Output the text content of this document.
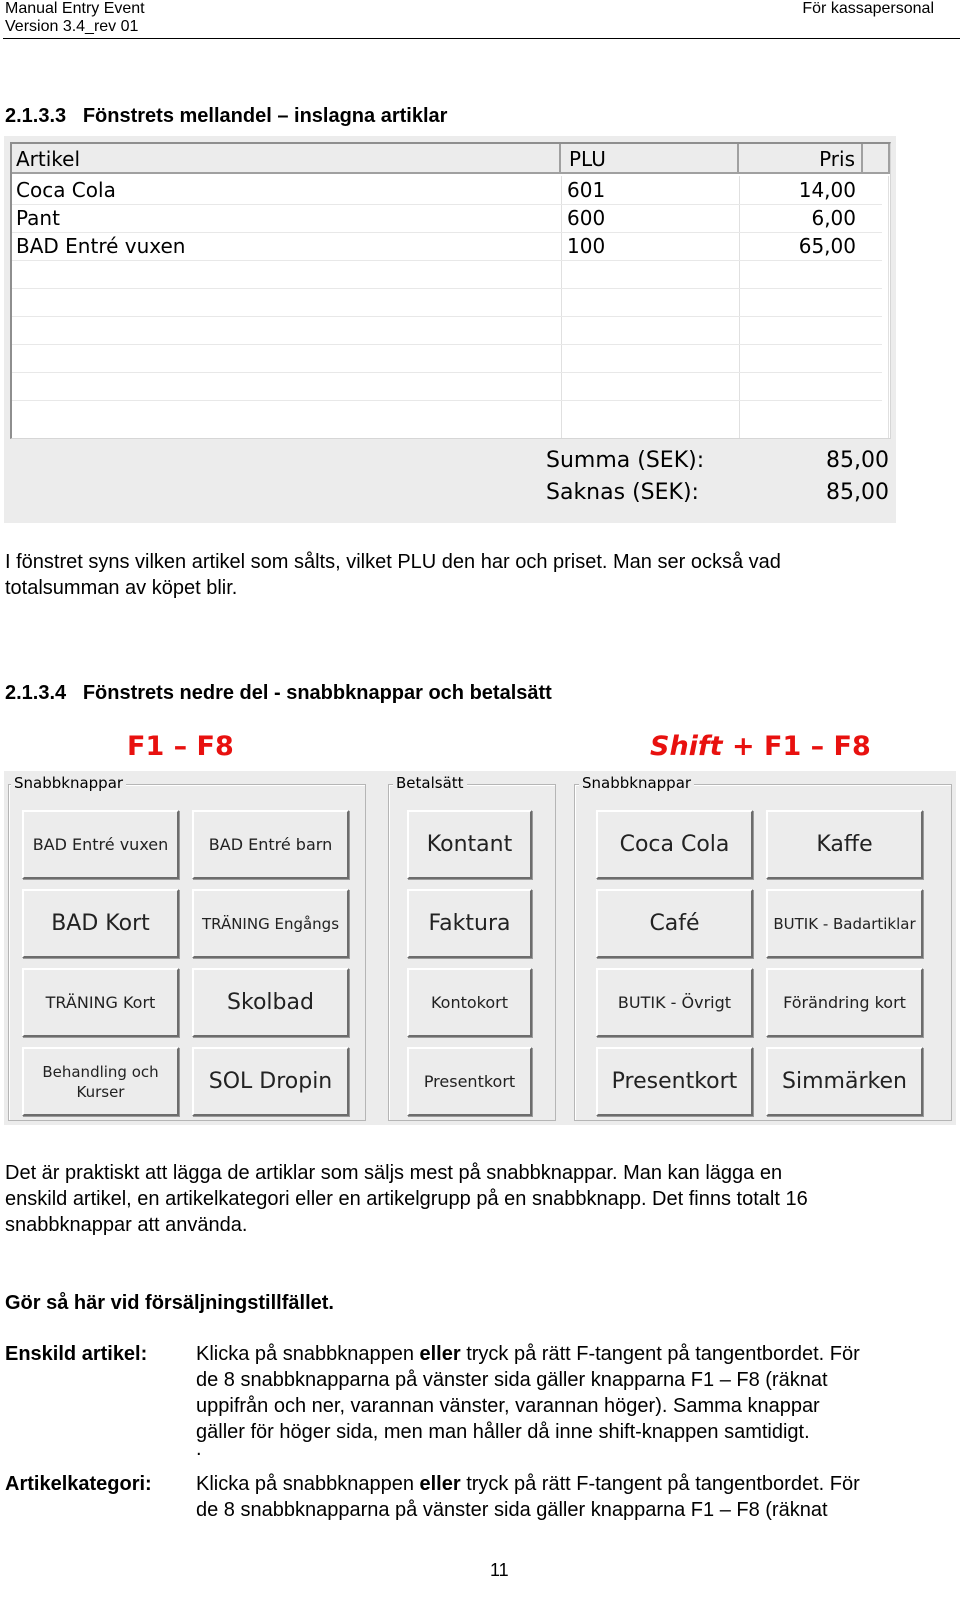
Manual Entry Event
Version 3.4_rev 01
För kassapersonal
2.1.3.3 Fönstrets mellandel – inslagna artiklar
Artikel	PLU	Pris
Coca Cola	601	14,00
Pant	600	6,00
BAD Entré vuxen	100	65,00
Summa (SEK):	85,00
Saknas (SEK):	85,00
I fönstret syns vilken artikel som sålts, vilket PLU den har och priset. Man ser också vad
totalsumman av köpet blir.
2.1.3.4 Fönstrets nedre del - snabbknappar och betalsätt
F1 – F8	Shift + F1 – F8
Snabbknappar
BAD Entré vuxen	BAD Entré barn
BAD Kort	TRÄNING Engångs
TRÄNING Kort	Skolbad
Behandling och
Kurser	SOL Dropin
Betalsätt
Kontant
Faktura
Kontokort
Presentkort
Snabbknappar
Coca Cola	Kaffe
Café	BUTIK - Badartiklar
BUTIK - Övrigt	Förändring kort
Presentkort	Simmärken
Det är praktiskt att lägga de artiklar som säljs mest på snabbknappar. Man kan lägga en
enskild artikel, en artikelkategori eller en artikelgrupp på en snabbknapp. Det finns totalt 16
snabbknappar att använda.
Gör så här vid försäljningstillfället.
Enskild artikel: Klicka på snabbknappen eller tryck på rätt F-tangent på tangentbordet. För
de 8 snabbknapparna på vänster sida gäller knapparna F1 – F8 (räknat
uppifrån och ner, varannan vänster, varannan höger). Samma knappar
gäller för höger sida, men man håller då inne shift-knappen samtidigt.
.
Artikelkategori: Klicka på snabbknappen eller tryck på rätt F-tangent på tangentbordet. För
de 8 snabbknapparna på vänster sida gäller knapparna F1 – F8 (räknat
11
